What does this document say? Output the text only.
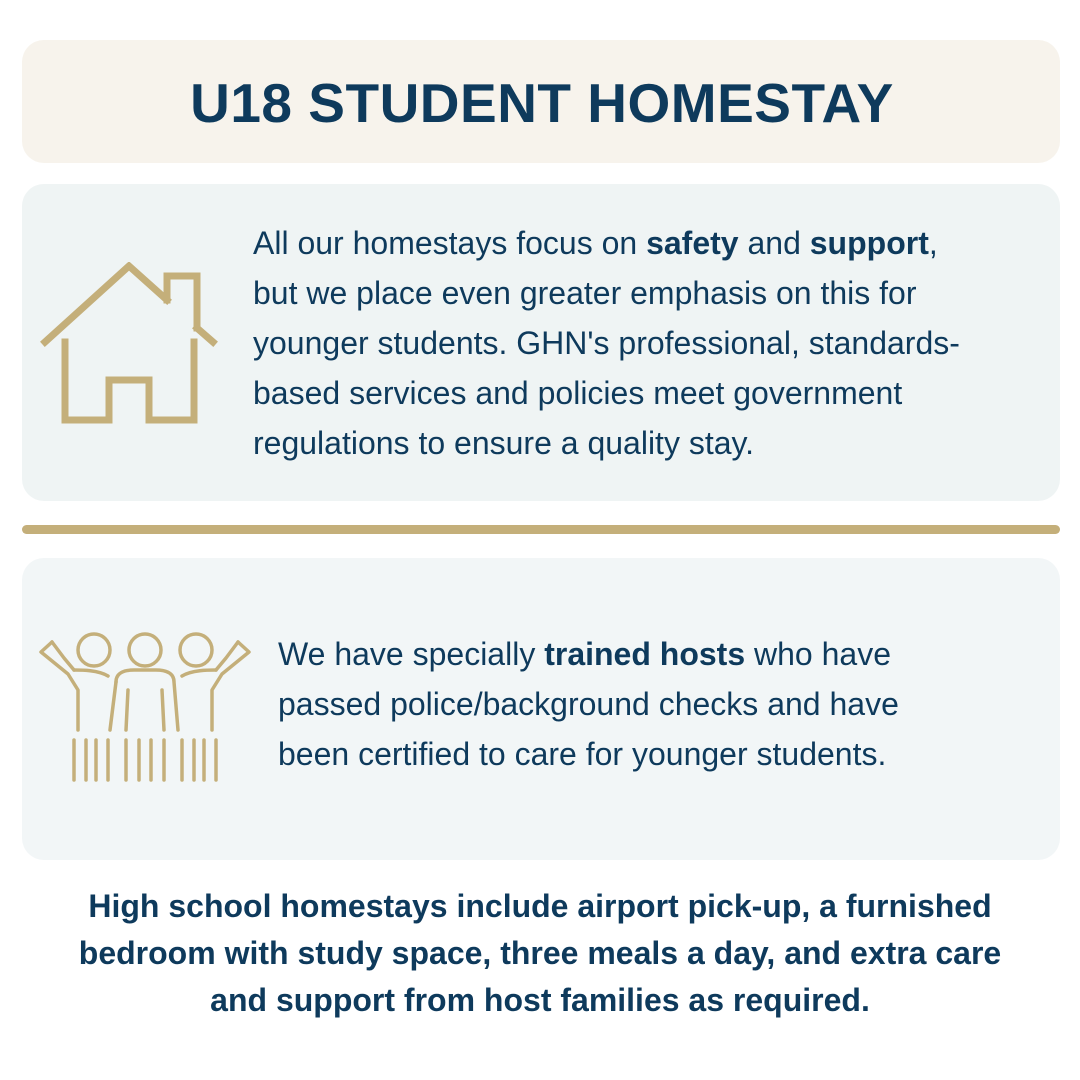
U18 STUDENT HOMESTAY

All our homestays focus on safety and support,
but we place even greater emphasis on this for
younger students. GHN's professional, standards-
based services and policies meet government
regulations to ensure a quality stay.

We have specially trained hosts who have
passed police/background checks and have
been certified to care for younger students.

High school homestays include airport pick-up, a furnished
bedroom with study space, three meals a day, and extra care
and support from host families as required.
